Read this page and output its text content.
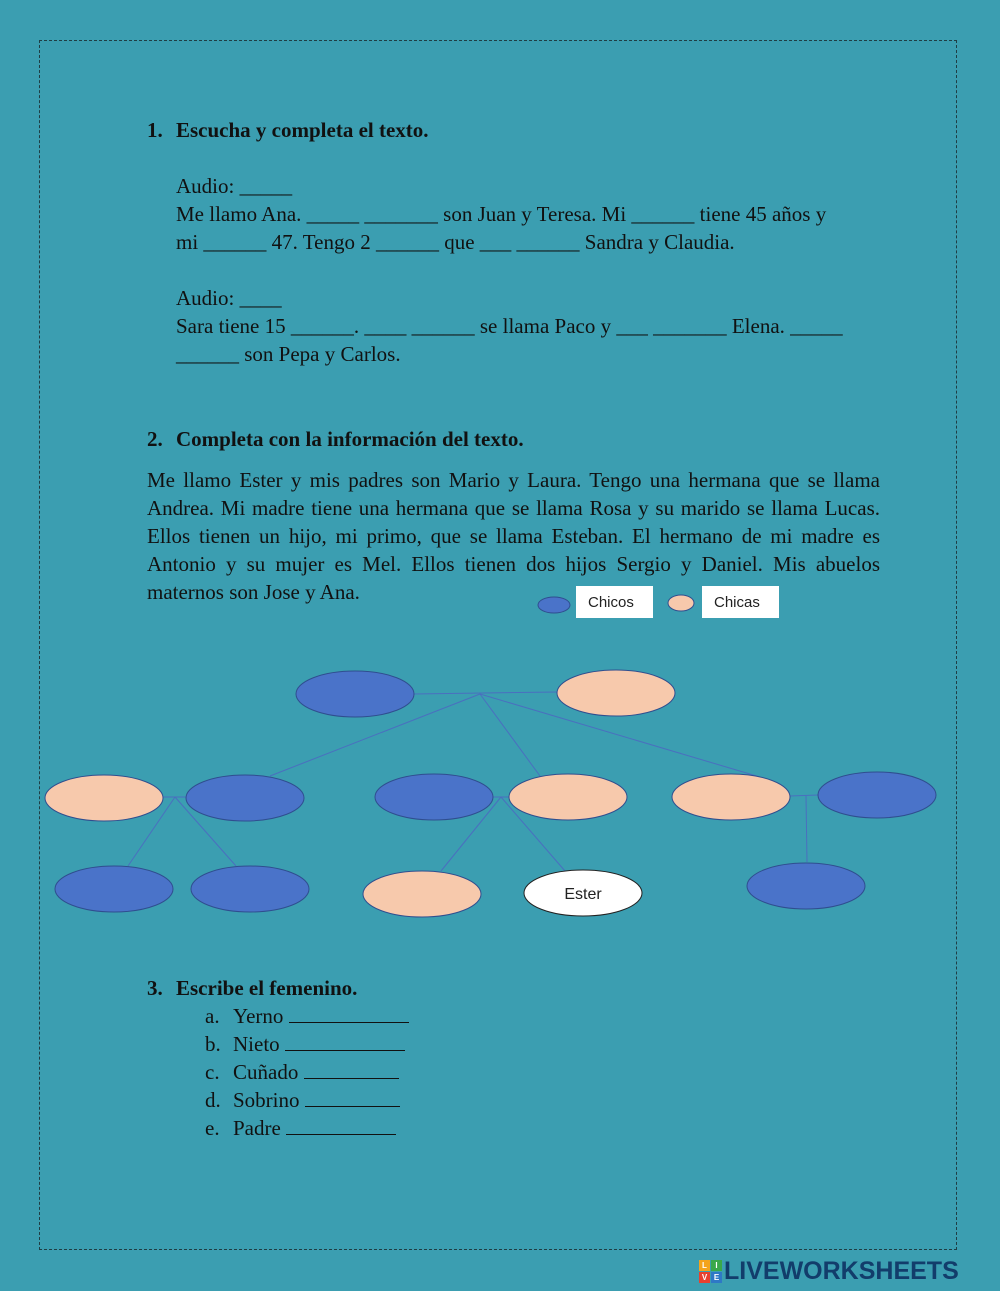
1. Escucha y completa el texto.
Audio: _____
Me llamo Ana. _____ _______ son Juan y Teresa. Mi ______ tiene 45 años y
mi ______ 47. Tengo 2 ______ que ___ ______ Sandra y Claudia.
Audio: ____
Sara tiene 15 ______. ____ ______ se llama Paco y ___ _______ Elena. _____
______ son Pepa y Carlos.
2. Completa con la información del texto.
Me llamo Ester y mis padres son Mario y Laura. Tengo una hermana que se llama Andrea. Mi madre tiene una hermana que se llama Rosa y su marido se llama Lucas. Ellos tienen un hijo, mi primo, que se llama Esteban. El hermano de mi madre es Antonio y su mujer es Mel. Ellos tienen dos hijos Sergio y Daniel. Mis abuelos maternos son Jose y Ana.
Ester
Chicos	Chicas
3. Escribe el femenino.
a. Yerno
b. Nieto
c. Cuñado
d. Sobrino
e. Padre
L	I
V E LIVEWORKSHEETS
